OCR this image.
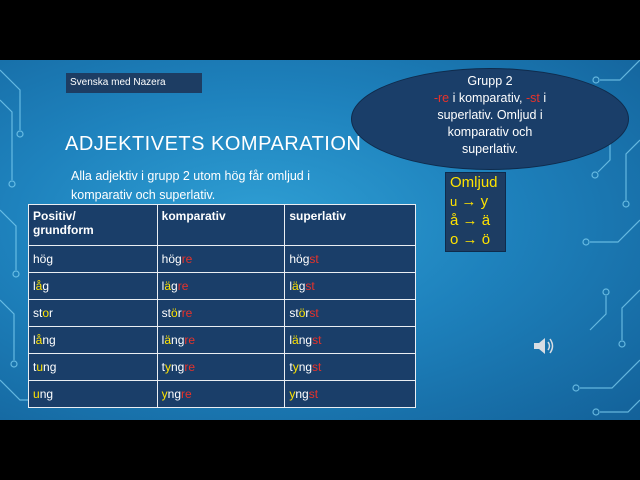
Svenska med Nazera	Grupp 2
-re i komparativ, -st i
superlativ. Omljud i
komparativ och
superlativ.
ADJEKTIVETS KOMPARATION
Alla adjektiv i grupp 2 utom hög får omljud i komparativ och superlativ.
Omljud
u → y
å → ä
o → ö
Positiv/
grundform	komparativ	superlativ
hög	högre	högst
låg	lägre	lägst
stor	större	störst
lång	längre	längst
tung	tyngre	tyngst
ung	yngre	yngst
